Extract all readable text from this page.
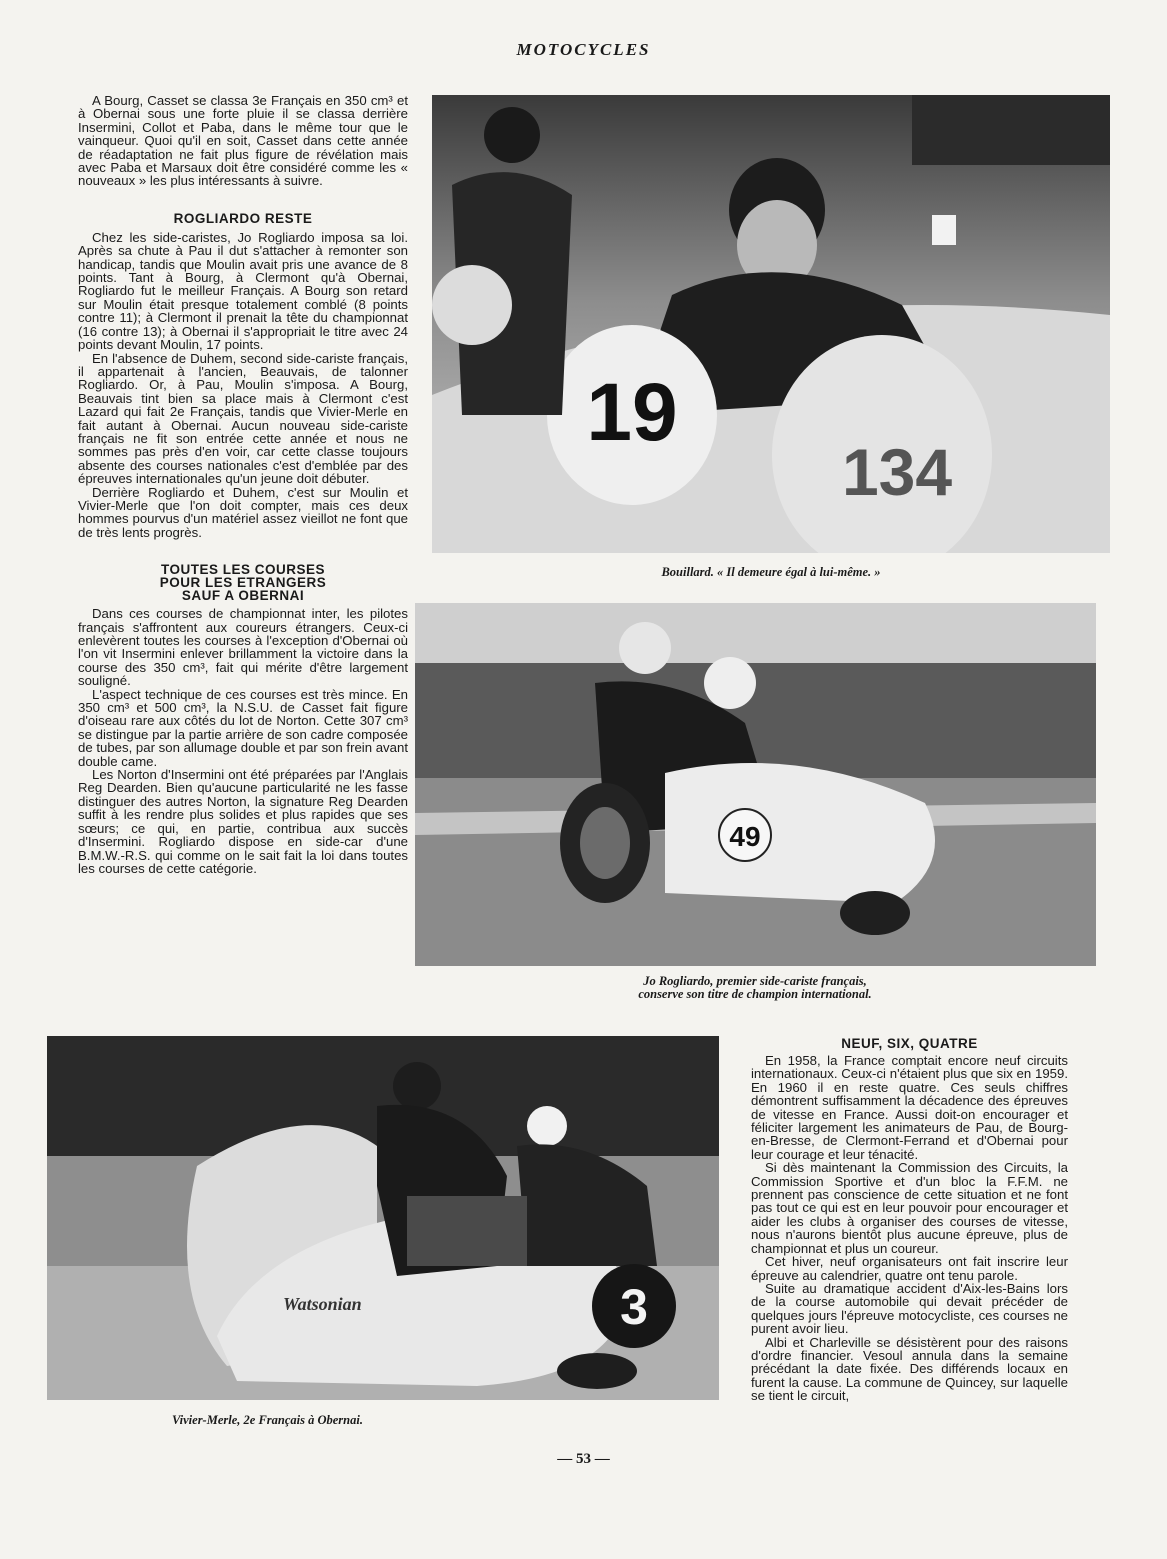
MOTOCYCLES

A Bourg, Casset se classa 3e Français en 350 cm³ et à Obernai sous une forte pluie il se classa derrière Insermini, Collot et Paba, dans le même tour que le vainqueur. Quoi qu'il en soit, Casset dans cette année de réadaptation ne fait plus figure de révélation mais avec Paba et Marsaux doit être considéré comme les « nouveaux » les plus intéressants à suivre.

ROGLIARDO RESTE

Chez les side-caristes, Jo Rogliardo imposa sa loi. Après sa chute à Pau il dut s'attacher à remonter son handicap, tandis que Moulin avait pris une avance de 8 points. Tant à Bourg, à Clermont qu'à Obernai, Rogliardo fut le meilleur Français. A Bourg son retard sur Moulin était presque totalement comblé (8 points contre 11); à Clermont il prenait la tête du championnat (16 contre 13); à Obernai il s'appropriait le titre avec 24 points devant Moulin, 17 points.

En l'absence de Duhem, second side-cariste français, il appartenait à l'ancien, Beauvais, de talonner Rogliardo. Or, à Pau, Moulin s'imposa. A Bourg, Beauvais tint bien sa place mais à Clermont c'est Lazard qui fait 2e Français, tandis que Vivier-Merle en fait autant à Obernai. Aucun nouveau side-cariste français ne fit son entrée cette année et nous ne sommes pas près d'en voir, car cette classe toujours absente des courses nationales c'est d'emblée par des épreuves internationales qu'un jeune doit débuter.

Derrière Rogliardo et Duhem, c'est sur Moulin et Vivier-Merle que l'on doit compter, mais ces deux hommes pourvus d'un matériel assez vieillot ne font que de très lents progrès.

TOUTES LES COURSES
POUR LES ETRANGERS
SAUF A OBERNAI

Dans ces courses de championnat inter, les pilotes français s'affrontent aux coureurs étrangers. Ceux-ci enlevèrent toutes les courses à l'exception d'Obernai où l'on vit Insermini enlever brillamment la victoire dans la course des 350 cm³, fait qui mérite d'être largement souligné.

L'aspect technique de ces courses est très mince. En 350 cm³ et 500 cm³, la N.S.U. de Casset fait figure d'oiseau rare aux côtés du lot de Norton. Cette 307 cm³ se distingue par la partie arrière de son cadre composée de tubes, par son allumage double et par son frein avant double came.

Les Norton d'Insermini ont été préparées par l'Anglais Reg Dearden. Bien qu'aucune particularité ne les fasse distinguer des autres Norton, la signature Reg Dearden suffit à les rendre plus solides et plus rapides que ses sœurs; ce qui, en partie, contribua aux succès d'Insermini. Rogliardo dispose en side-car d'une B.M.W.-R.S. qui comme on le sait fait la loi dans toutes les courses de cette catégorie.

19
134
Bouillard. « Il demeure égal à lui-même. »
49
Jo Rogliardo, premier side-cariste français,
conserve son titre de champion international.
3
Watsonian
Vivier-Merle, 2e Français à Obernai.
NEUF, SIX, QUATRE

En 1958, la France comptait encore neuf circuits internationaux. Ceux-ci n'étaient plus que six en 1959. En 1960 il en reste quatre. Ces seuls chiffres démontrent suffisamment la décadence des épreuves de vitesse en France. Aussi doit-on encourager et féliciter largement les animateurs de Pau, de Bourg-en-Bresse, de Clermont-Ferrand et d'Obernai pour leur courage et leur ténacité.

Si dès maintenant la Commission des Circuits, la Commission Sportive et d'un bloc la F.F.M. ne prennent pas conscience de cette situation et ne font pas tout ce qui est en leur pouvoir pour encourager et aider les clubs à organiser des courses de vitesse, nous n'aurons bientôt plus aucune épreuve, plus de championnat et plus un coureur.

Cet hiver, neuf organisateurs ont fait inscrire leur épreuve au calendrier, quatre ont tenu parole.

Suite au dramatique accident d'Aix-les-Bains lors de la course automobile qui devait précéder de quelques jours l'épreuve motocycliste, ces courses ne purent avoir lieu.

Albi et Charleville se désistèrent pour des raisons d'ordre financier. Vesoul annula dans la semaine précédant la date fixée. Des différends locaux en furent la cause. La commune de Quincey, sur laquelle se tient le circuit,

— 53 —
